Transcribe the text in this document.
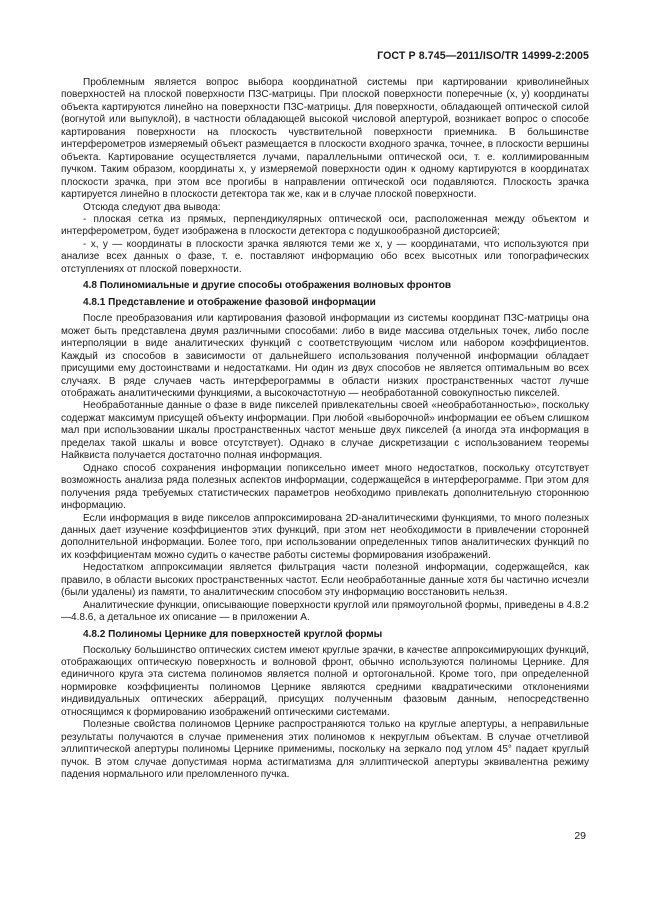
ГОСТ Р 8.745—2011/ISO/TR 14999-2:2005

Проблемным является вопрос выбора координатной системы при картировании криволинейных поверхностей на плоской поверхности ПЗС-матрицы. При плоской поверхности поперечные (x, y) координаты объекта картируются линейно на поверхности ПЗС-матрицы. Для поверхности, обладающей оптической силой (вогнутой или выпуклой), в частности обладающей высокой числовой апертурой, возникает вопрос о способе картирования поверхности на плоскость чувствительной поверхности приемника. В большинстве интерферометров измеряемый объект размещается в плоскости входного зрачка, точнее, в плоскости вершины объекта. Картирование осуществляется лучами, параллельными оптической оси, т. е. коллимированным пучком. Таким образом, координаты x, y измеряемой поверхности один к одному картируются в координатах плоскости зрачка, при этом все прогибы в направлении оптической оси подавляются. Плоскость зрачка картируется линейно в плоскости детектора так же, как и в случае плоской поверхности.

Отсюда следуют два вывода:

- плоская сетка из прямых, перпендикулярных оптической оси, расположенная между объектом и интерферометром, будет изображена в плоскости детектора с подушкообразной дисторсией;

- x, y — координаты в плоскости зрачка являются теми же x, y — координатами, что используются при анализе всех данных о фазе, т. е. поставляют информацию обо всех высотных или топографических отступлениях от плоской поверхности.

4.8 Полиномиальные и другие способы отображения волновых фронтов
4.8.1 Представление и отображение фазовой информации

После преобразования или картирования фазовой информации из системы координат ПЗС-матрицы она может быть представлена двумя различными способами: либо в виде массива отдельных точек, либо после интерполяции в виде аналитических функций с соответствующим числом или набором коэффициентов. Каждый из способов в зависимости от дальнейшего использования полученной информации обладает присущими ему достоинствами и недостатками. Ни один из двух способов не является оптимальным во всех случаях. В ряде случаев часть интерферограммы в области низких пространственных частот лучше отображать аналитическими функциями, а высокочастотную — необработанной совокупностью пикселей.

Необработанные данные о фазе в виде пикселей привлекательны своей «необработанностью», поскольку содержат максимум присущей объекту информации. При любой «выборочной» информации ее объем слишком мал при использовании шкалы пространственных частот меньше двух пикселей (а иногда эта информация в пределах такой шкалы и вовсе отсутствует). Однако в случае дискретизации с использованием теоремы Найквиста получается достаточно полная информация.

Однако способ сохранения информации попиксельно имеет много недостатков, поскольку отсутствует возможность анализа ряда полезных аспектов информации, содержащейся в интерферограмме. При этом для получения ряда требуемых статистических параметров необходимо привлекать дополнительную стороннюю информацию.

Если информация в виде пикселов аппроксимирована 2D-аналитическими функциями, то много полезных данных дает изучение коэффициентов этих функций, при этом нет необходимости в привлечении сторонней дополнительной информации. Более того, при использовании определенных типов аналитических функций по их коэффициентам можно судить о качестве работы системы формирования изображений.

Недостатком аппроксимации является фильтрация части полезной информации, содержащейся, как правило, в области высоких пространственных частот. Если необработанные данные хотя бы частично исчезли (были удалены) из памяти, то аналитическим способом эту информацию восстановить нельзя.

Аналитические функции, описывающие поверхности круглой или прямоугольной формы, приведены в 4.8.2—4.8.6, а детальное их описание — в приложении А.

4.8.2 Полиномы Цернике для поверхностей круглой формы

Поскольку большинство оптических систем имеют круглые зрачки, в качестве аппроксимирующих функций, отображающих оптическую поверхность и волновой фронт, обычно используются полиномы Цернике. Для единичного круга эта система полиномов является полной и ортогональной. Кроме того, при определенной нормировке коэффициенты полиномов Цернике являются средними квадратическими отклонениями индивидуальных оптических аберраций, присущих полученным фазовым данным, непосредственно относящимся к формированию изображений оптическими системами.

Полезные свойства полиномов Цернике распространяются только на круглые апертуры, а неправильные результаты получаются в случае применения этих полиномов к некруглым объектам. В случае отчетливой эллиптической апертуры полиномы Цернике применимы, поскольку на зеркало под углом 45° падает круглый пучок. В этом случае допустимая норма астигматизма для эллиптической апертуры эквивалентна режиму падения нормального или преломленного пучка.

29
